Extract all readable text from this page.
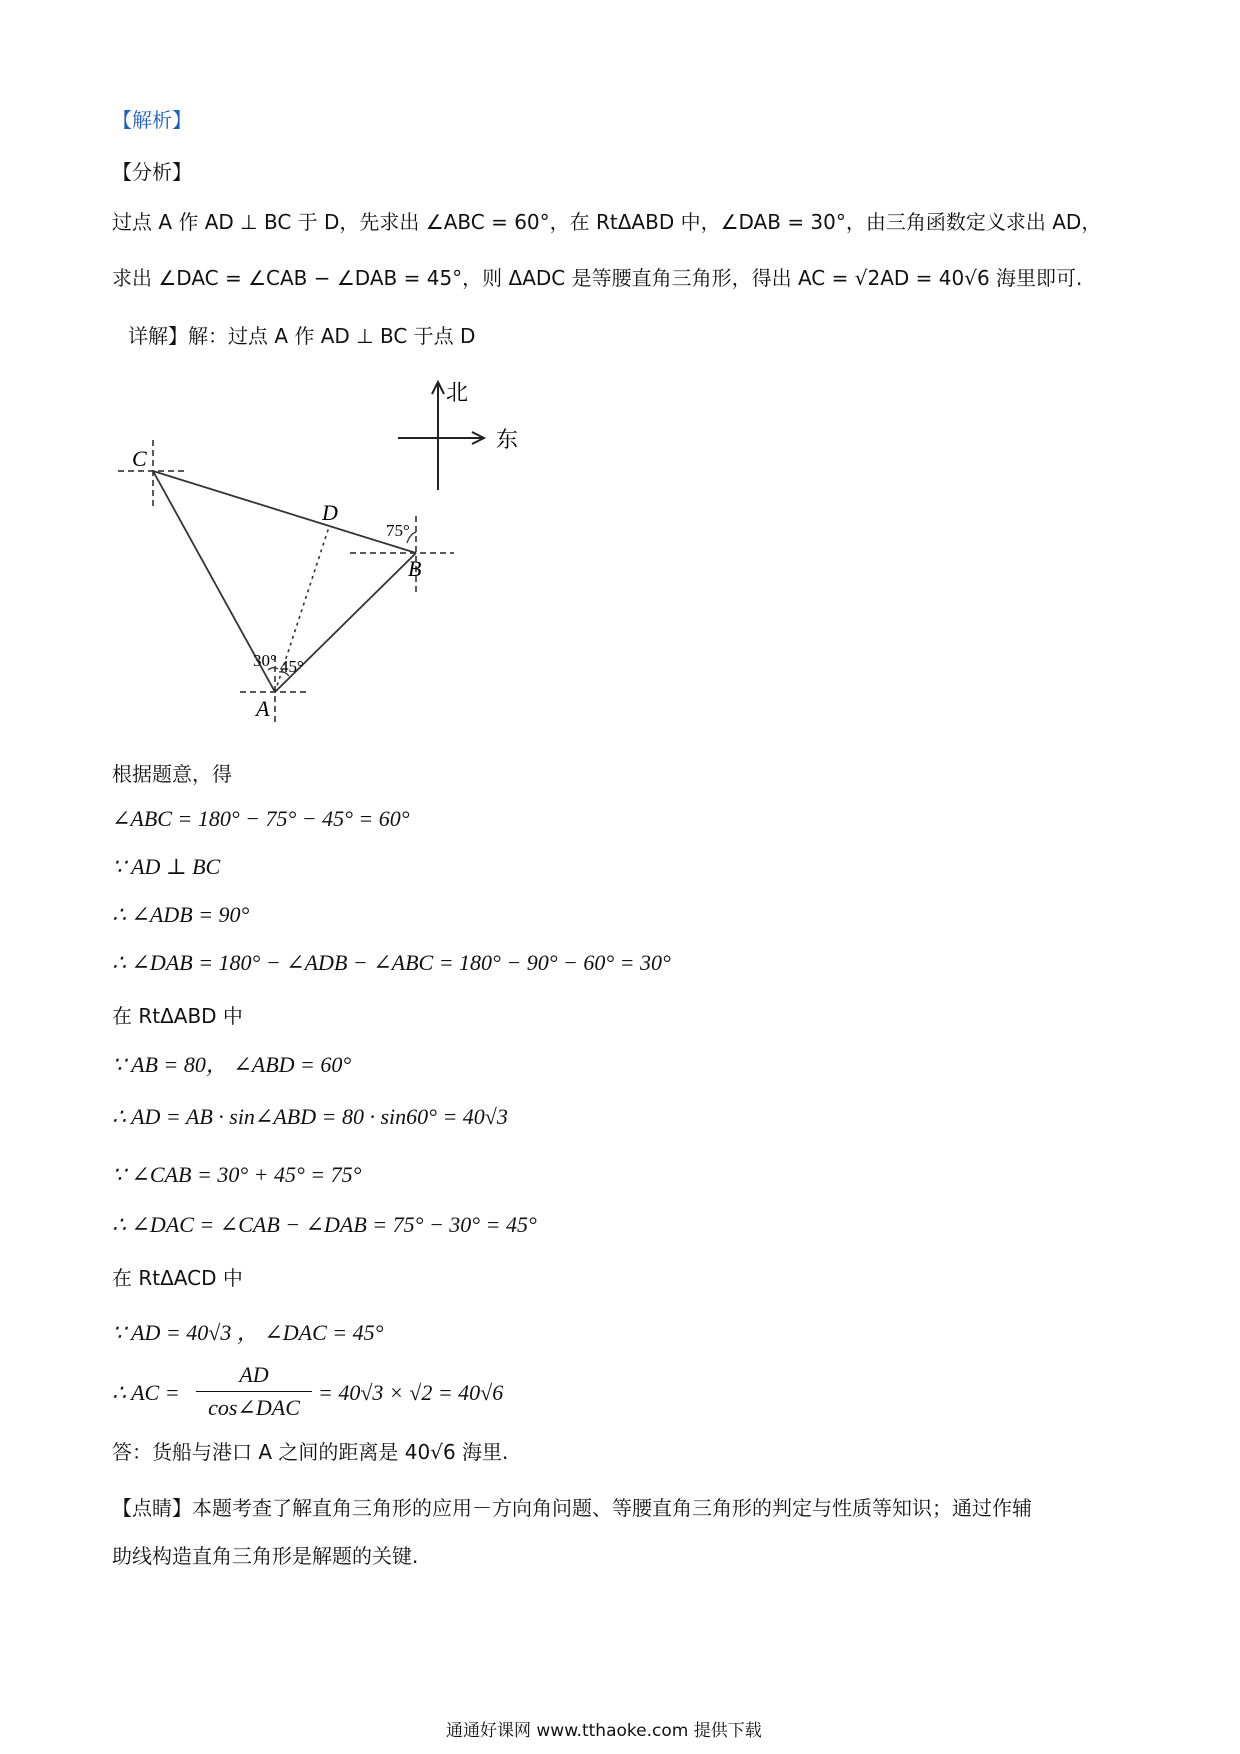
【解析】
【分析】
过点 A 作 AD ⊥ BC 于 D，先求出 ∠ABC = 60°，在 RtΔABD 中，∠DAB = 30°，由三角函数定义求出 AD，
求出 ∠DAC = ∠CAB − ∠DAB = 45°，则 ΔADC 是等腰直角三角形，得出 AC = √2AD = 40√6 海里即可.
详解】解：过点 A 作 AD ⊥ BC 于点 D
北
东
C
D
B
A
75°
30° 45°
根据题意，得
∠ABC = 180° − 75° − 45° = 60°
∵ AD ⊥ BC
∴ ∠ADB = 90°
∴ ∠DAB = 180° − ∠ADB − ∠ABC = 180° − 90° − 60° = 30°
在 RtΔABD 中
∵ AB = 80， ∠ABD = 60°
∴ AD = AB · sin∠ABD = 80 · sin60° = 40√3
∵ ∠CAB = 30° + 45° = 75°
∴ ∠DAC = ∠CAB − ∠DAB = 75° − 30° = 45°
在 RtΔACD 中
∵ AD = 40√3 ， ∠DAC = 45°
∴ AC =
AD
cos∠DAC
= 40√3 × √2 = 40√6
答：货船与港口 A 之间的距离是 40√6 海里.
【点睛】本题考查了解直角三角形的应用－方向角问题、等腰直角三角形的判定与性质等知识；通过作辅
助线构造直角三角形是解题的关键.
通通好课网 www.tthaoke.com 提供下载
